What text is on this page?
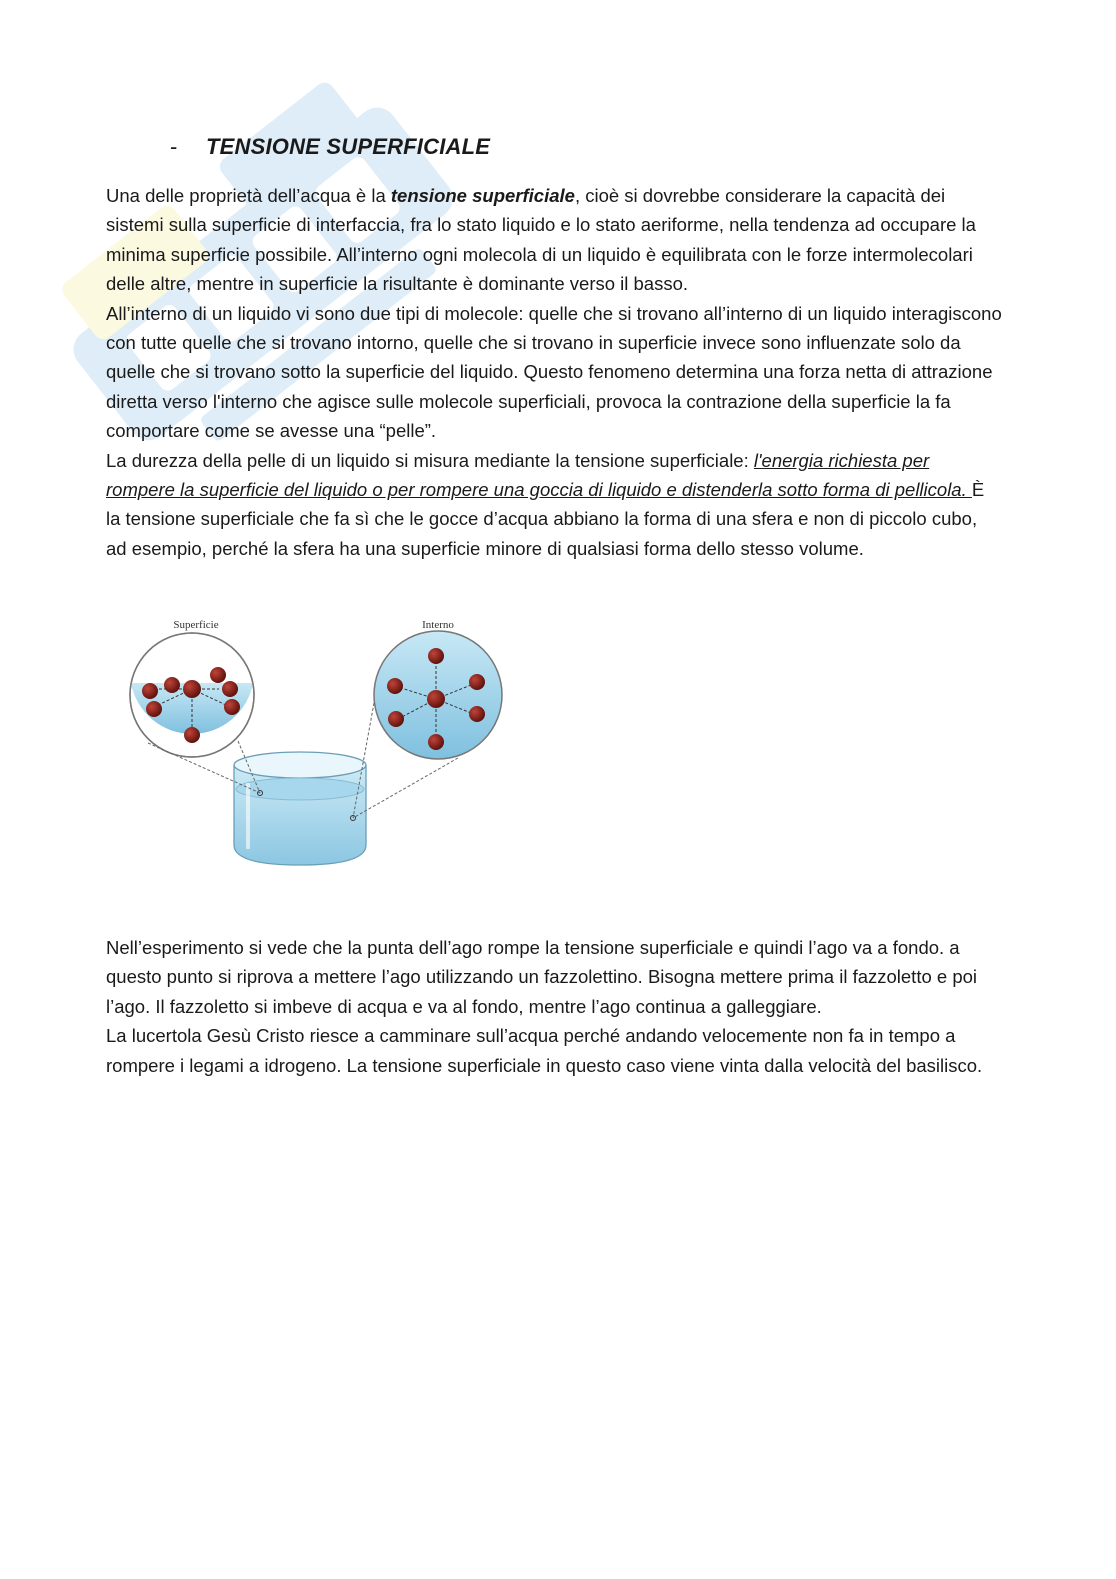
- TENSIONE SUPERFICIALE

Una delle proprietà dell’acqua è la tensione superficiale, cioè si dovrebbe considerare la capacità dei sistemi sulla superficie di interfaccia, fra lo stato liquido e lo stato aeriforme, nella tendenza ad occupare la minima superficie possibile. All’interno ogni molecola di un liquido è equilibrata con le forze intermolecolari delle altre, mentre in superficie la risultante è dominante verso il basso.
All’interno di un liquido vi sono due tipi di molecole: quelle che si trovano all’interno di un liquido interagiscono con tutte quelle che si trovano intorno, quelle che si trovano in superficie invece sono influenzate solo da quelle che si trovano sotto la superficie del liquido. Questo fenomeno determina una forza netta di attrazione diretta verso l'interno che agisce sulle molecole superficiali, provoca la contrazione della superficie la fa comportare come se avesse una “pelle”.
La durezza della pelle di un liquido si misura mediante la tensione superficiale: l'energia richiesta per rompere la superficie del liquido o per rompere una goccia di liquido e distenderla sotto forma di pellicola. È la tensione superficiale che fa sì che le gocce d’acqua abbiano la forma di una sfera e non di piccolo cubo, ad esempio, perché la sfera ha una superficie minore di qualsiasi forma dello stesso volume.

Superficie	Interno

Nell’esperimento si vede che la punta dell’ago rompe la tensione superficiale e quindi l’ago va a fondo. a questo punto si riprova a mettere l’ago utilizzando un fazzolettino. Bisogna mettere prima il fazzoletto e poi l’ago. Il fazzoletto si imbeve di acqua e va al fondo, mentre l’ago continua a galleggiare.
La lucertola Gesù Cristo riesce a camminare sull’acqua perché andando velocemente non fa in tempo a rompere i legami a idrogeno. La tensione superficiale in questo caso viene vinta dalla velocità del basilisco.
